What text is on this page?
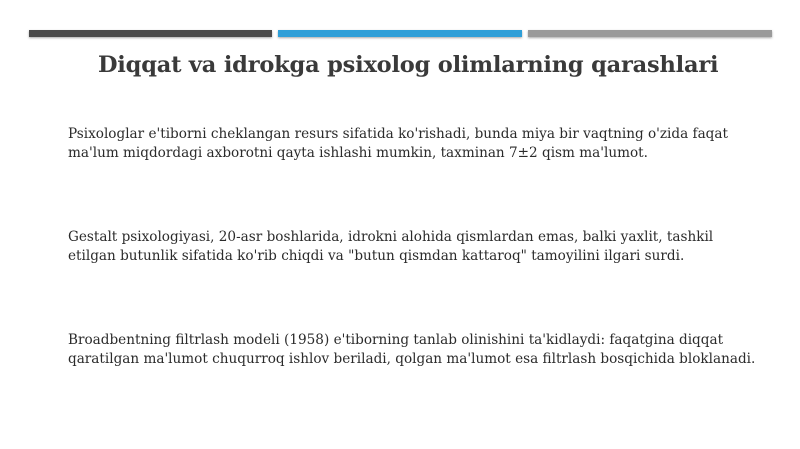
Diqqat va idrokga psixolog olimlarning qarashlari

Psixologlar e'tiborni cheklangan resurs sifatida ko'rishadi, bunda miya bir vaqtning o'zida faqat ma'lum miqdordagi axborotni qayta ishlashi mumkin, taxminan 7±2 qism ma'lumot.

Gestalt psixologiyasi, 20-asr boshlarida, idrokni alohida qismlardan emas, balki yaxlit, tashkil etilgan butunlik sifatida ko'rib chiqdi va "butun qismdan kattaroq" tamoyilini ilgari surdi.

Broadbentning filtrlash modeli (1958) e'tiborning tanlab olinishini ta'kidlaydi: faqatgina diqqat qaratilgan ma'lumot chuqurroq ishlov beriladi, qolgan ma'lumot esa filtrlash bosqichida bloklanadi.
